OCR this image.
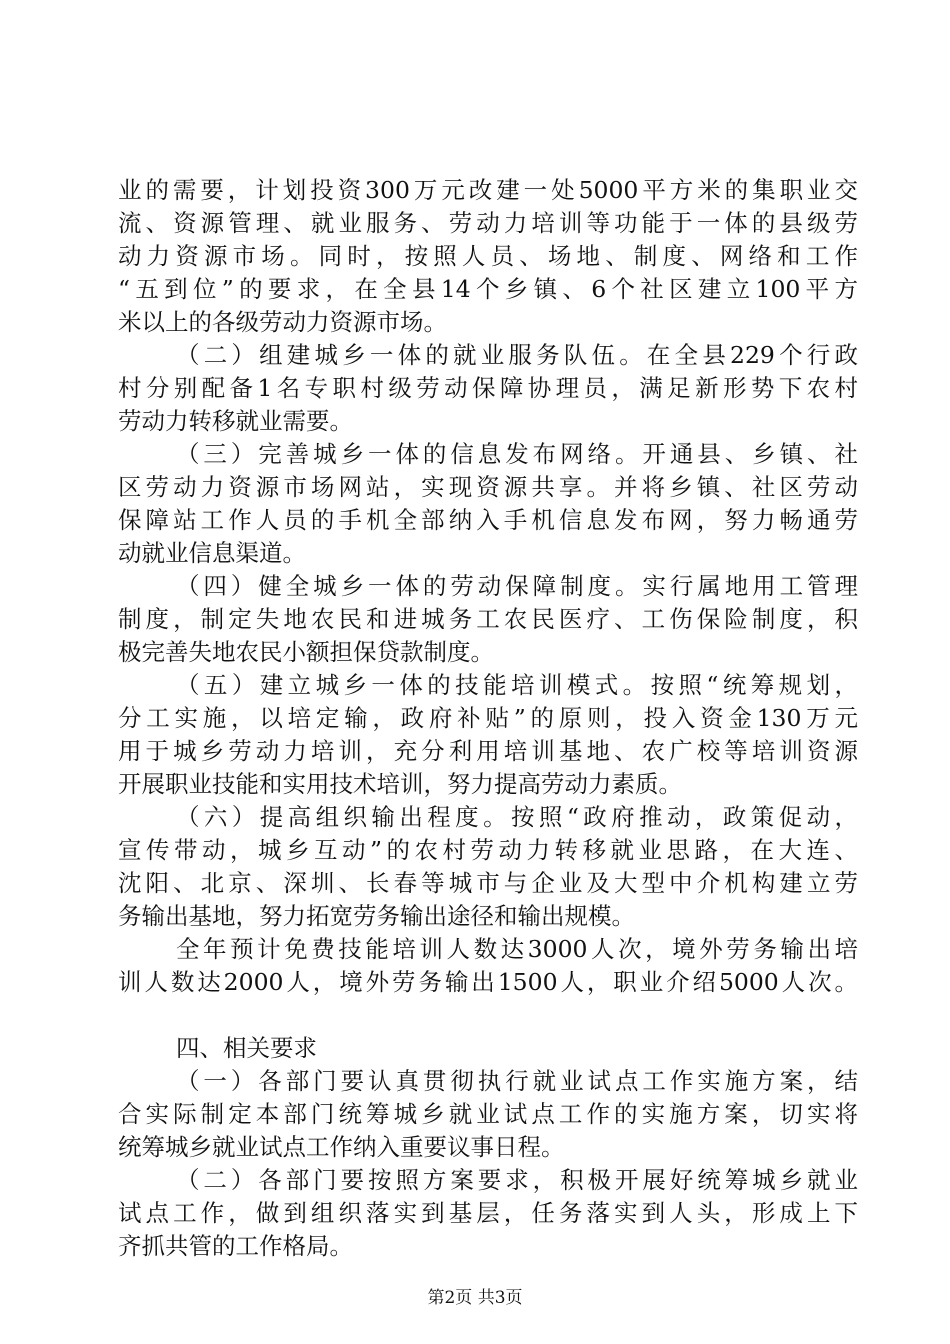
业的需要，计划投资300万元改建一处5000平方米的集职业交
流、资源管理、就业服务、劳动力培训等功能于一体的县级劳
动力资源市场。同时，按照人员、场地、制度、网络和工作
“五到位”的要求，在全县14个乡镇、6个社区建立100平方
米以上的各级劳动力资源市场。
（二）组建城乡一体的就业服务队伍。在全县229个行政
村分别配备1名专职村级劳动保障协理员，满足新形势下农村
劳动力转移就业需要。
（三）完善城乡一体的信息发布网络。开通县、乡镇、社
区劳动力资源市场网站，实现资源共享。并将乡镇、社区劳动
保障站工作人员的手机全部纳入手机信息发布网，努力畅通劳
动就业信息渠道。
（四）健全城乡一体的劳动保障制度。实行属地用工管理
制度，制定失地农民和进城务工农民医疗、工伤保险制度，积
极完善失地农民小额担保贷款制度。
（五）建立城乡一体的技能培训模式。按照“统筹规划，
分工实施，以培定输，政府补贴”的原则，投入资金130万元
用于城乡劳动力培训，充分利用培训基地、农广校等培训资源
开展职业技能和实用技术培训，努力提高劳动力素质。
（六）提高组织输出程度。按照“政府推动，政策促动，
宣传带动，城乡互动”的农村劳动力转移就业思路，在大连、
沈阳、北京、深圳、长春等城市与企业及大型中介机构建立劳
务输出基地，努力拓宽劳务输出途径和输出规模。
全年预计免费技能培训人数达3000人次，境外劳务输出培
训人数达2000人，境外劳务输出1500人，职业介绍5000人次。
四、相关要求
（一）各部门要认真贯彻执行就业试点工作实施方案，结
合实际制定本部门统筹城乡就业试点工作的实施方案，切实将
统筹城乡就业试点工作纳入重要议事日程。
（二）各部门要按照方案要求，积极开展好统筹城乡就业
试点工作，做到组织落实到基层，任务落实到人头，形成上下
齐抓共管的工作格局。
第2页 共3页
